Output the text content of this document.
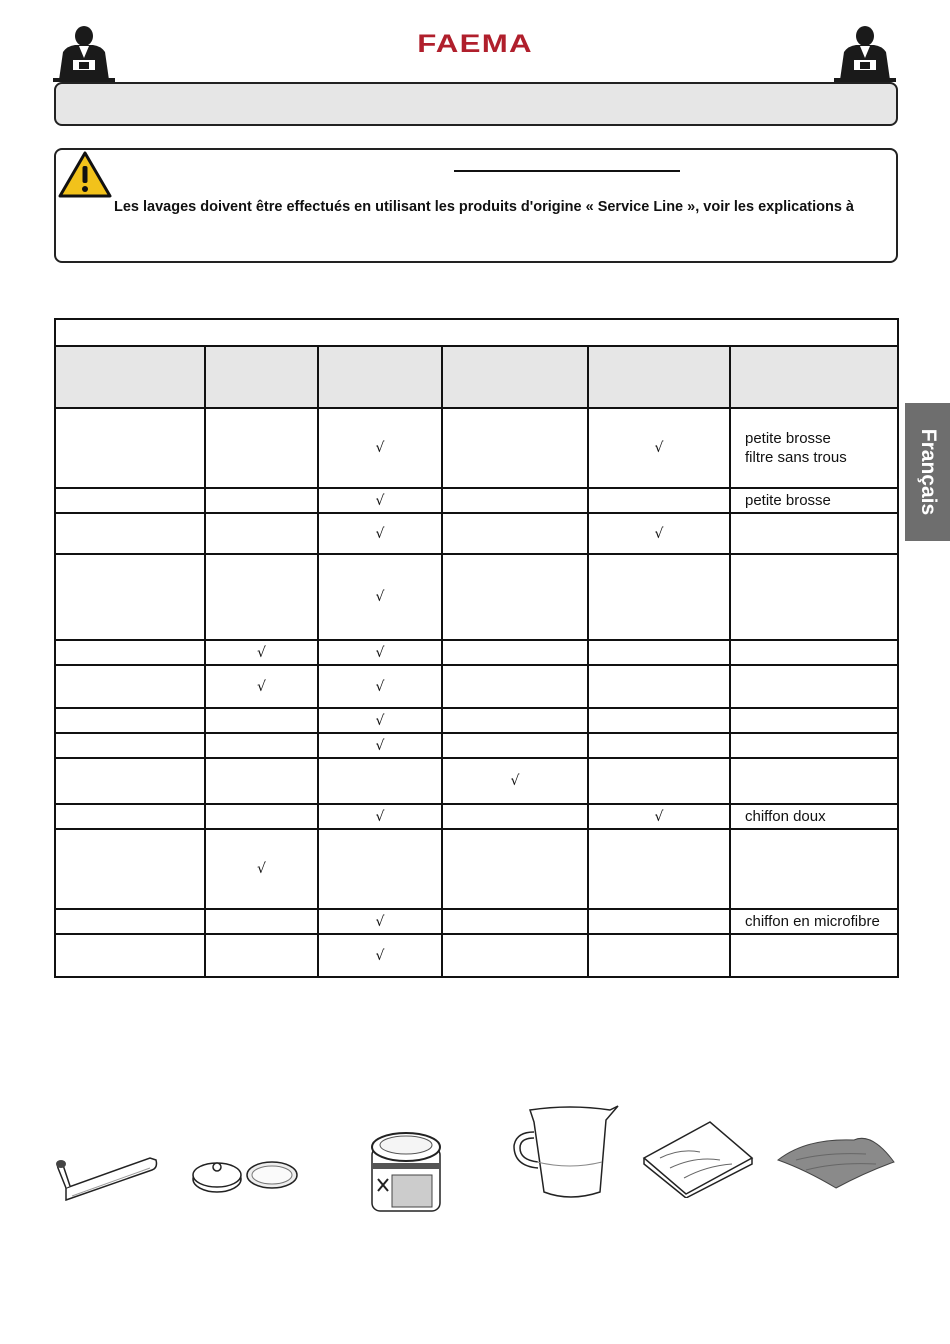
FAEMA
Les lavages doivent être effectués en utilisant les produits d'origine « Service Line », voir les explications à

		√		√	petite brosse
filtre sans trous

		√			petite brosse

		√		√	
		√			
	√	√			
	√	√			
		√			
		√			
			√		
		√		√	chiffon doux

	√				
		√			chiffon en microfibre

		√			
Français
